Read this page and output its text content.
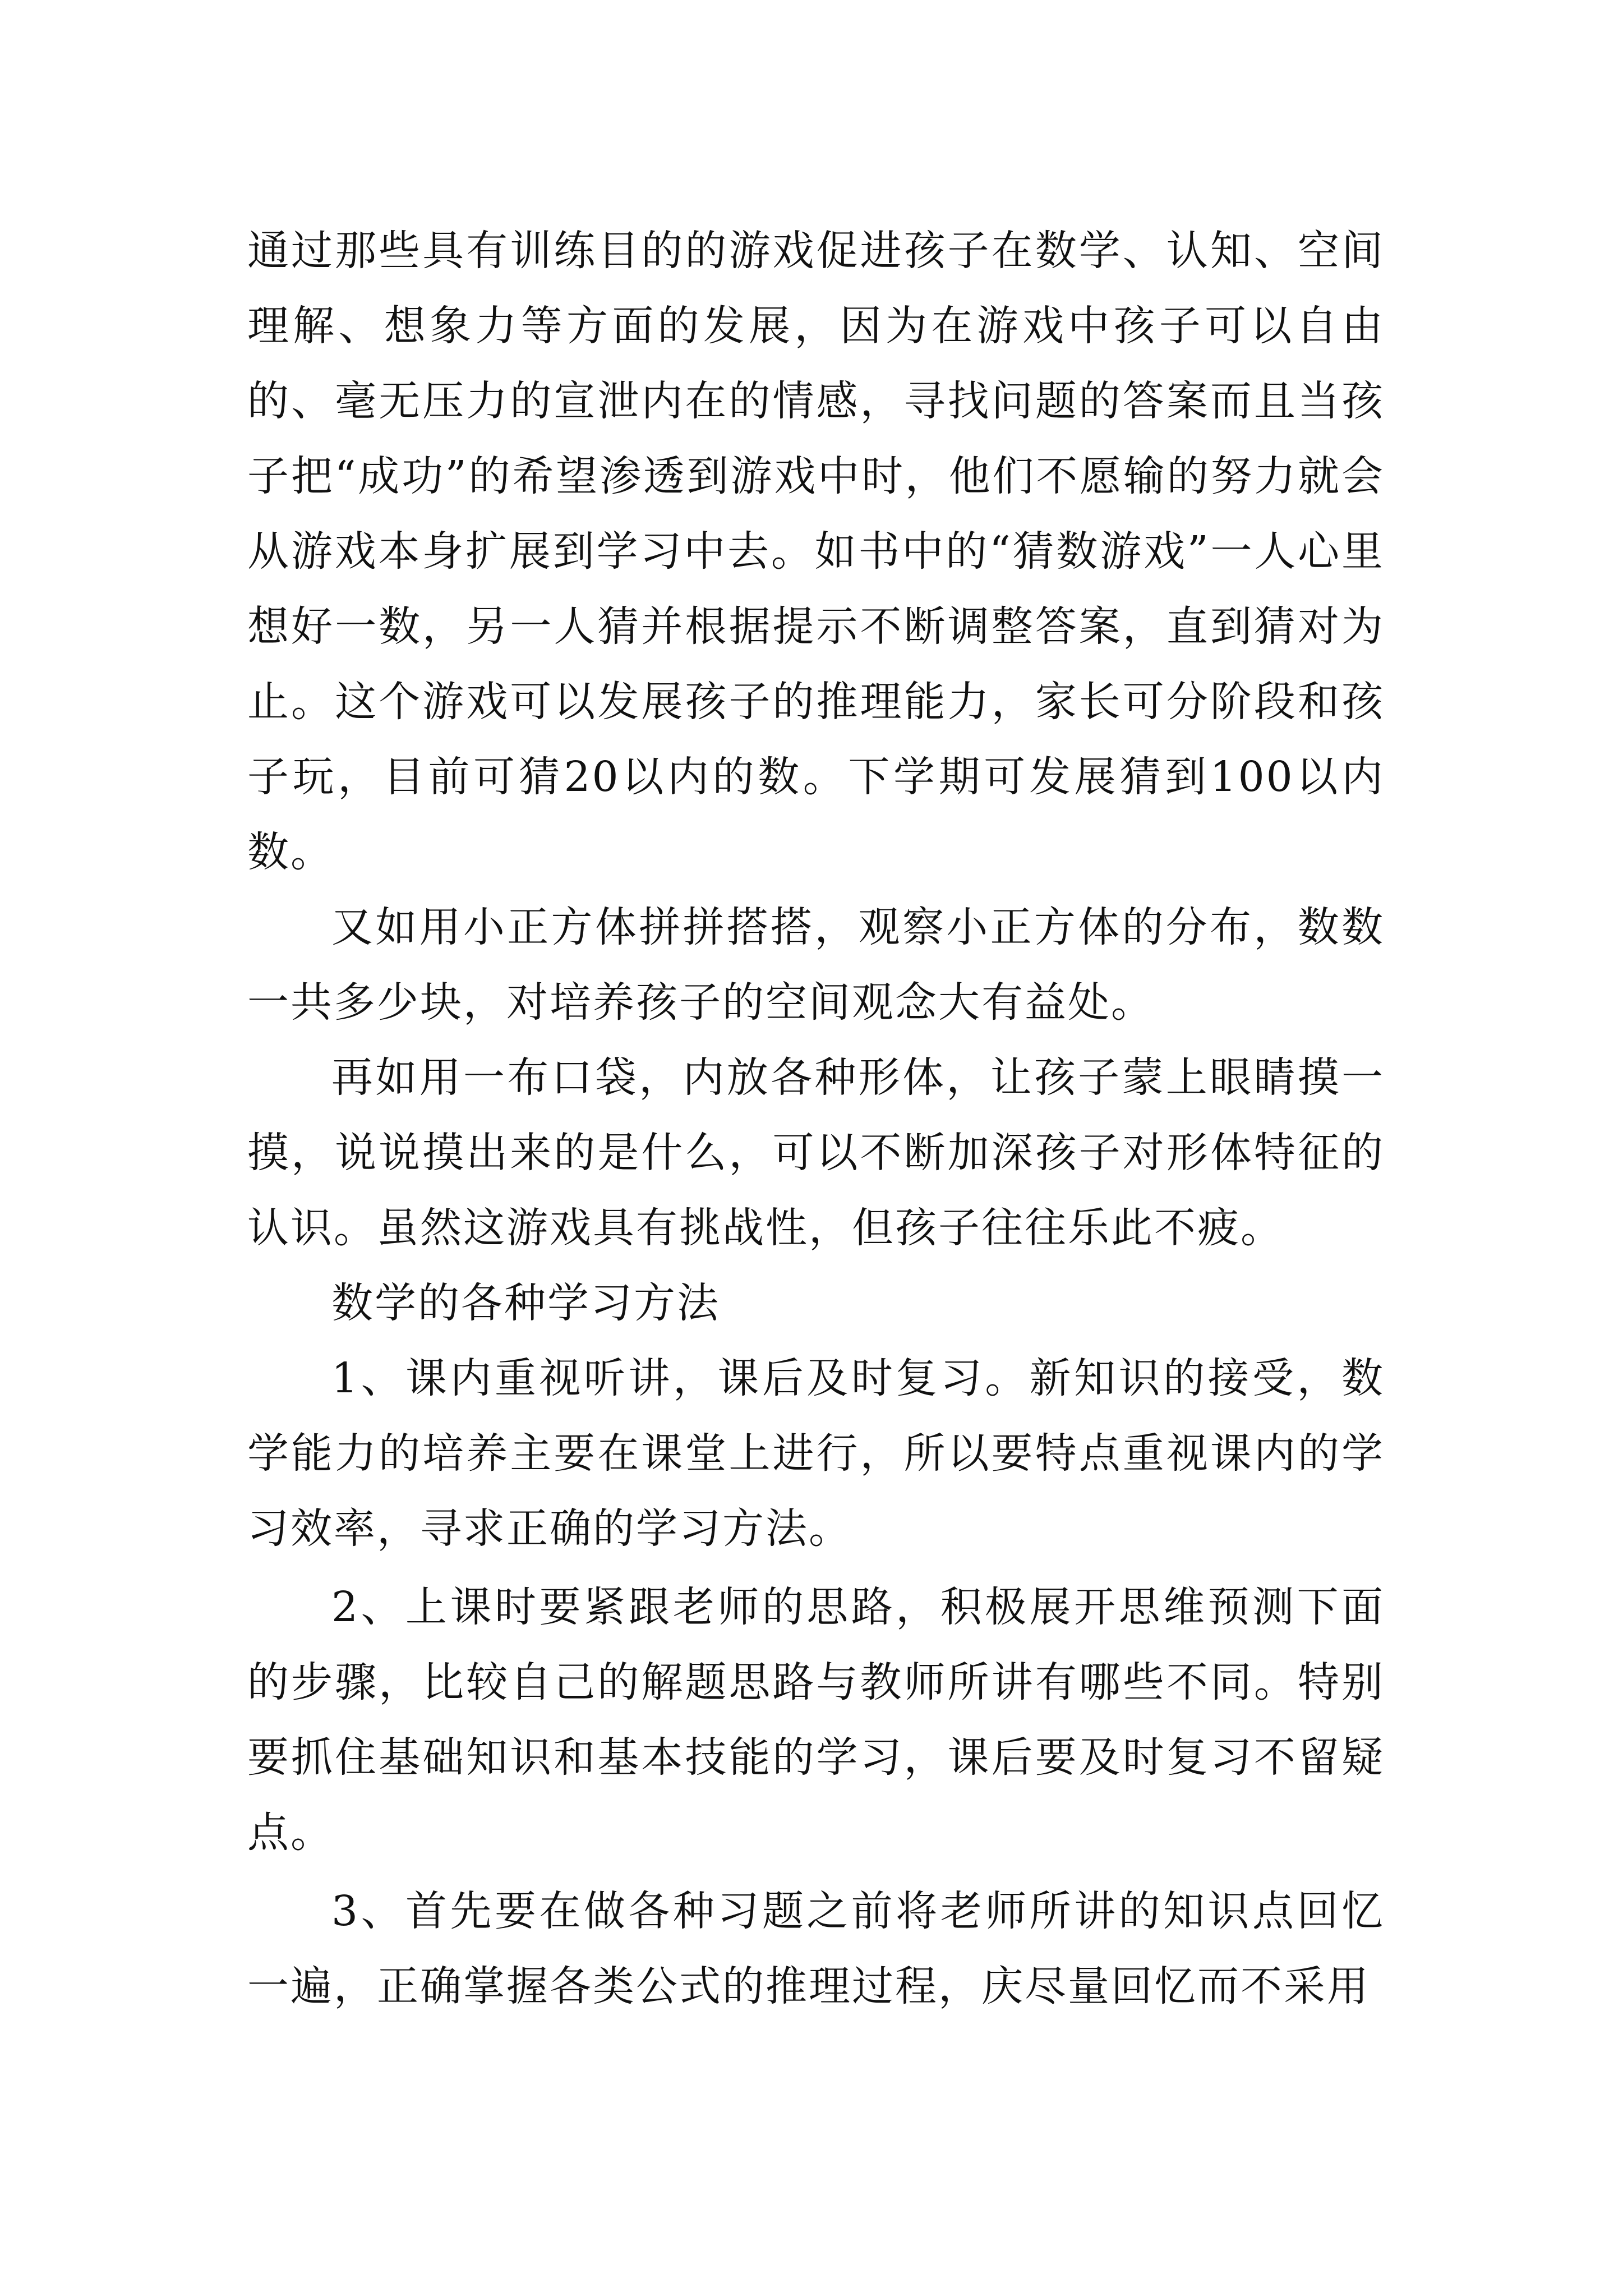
通过那些具有训练目的的游戏促进孩子在数学、认知、空间理解、想象力等方面的发展，因为在游戏中孩子可以自由的、毫无压力的宣泄内在的情感，寻找问题的答案而且当孩子把“成功”的希望渗透到游戏中时，他们不愿输的努力就会从游戏本身扩展到学习中去。如书中的“猜数游戏”一人心里想好一数，另一人猜并根据提示不断调整答案，直到猜对为止。这个游戏可以发展孩子的推理能力，家长可分阶段和孩子玩，目前可猜20以内的数。下学期可发展猜到100以内数。

又如用小正方体拼拼搭搭，观察小正方体的分布，数数一共多少块，对培养孩子的空间观念大有益处。

再如用一布口袋，内放各种形体，让孩子蒙上眼睛摸一摸，说说摸出来的是什么，可以不断加深孩子对形体特征的认识。虽然这游戏具有挑战性，但孩子往往乐此不疲。

数学的各种学习方法

1、课内重视听讲，课后及时复习。新知识的接受，数学能力的培养主要在课堂上进行，所以要特点重视课内的学习效率，寻求正确的学习方法。

2、上课时要紧跟老师的思路，积极展开思维预测下面的步骤，比较自己的解题思路与教师所讲有哪些不同。特别要抓住基础知识和基本技能的学习，课后要及时复习不留疑点。

3、首先要在做各种习题之前将老师所讲的知识点回忆一遍，正确掌握各类公式的推理过程，庆尽量回忆而不采用
